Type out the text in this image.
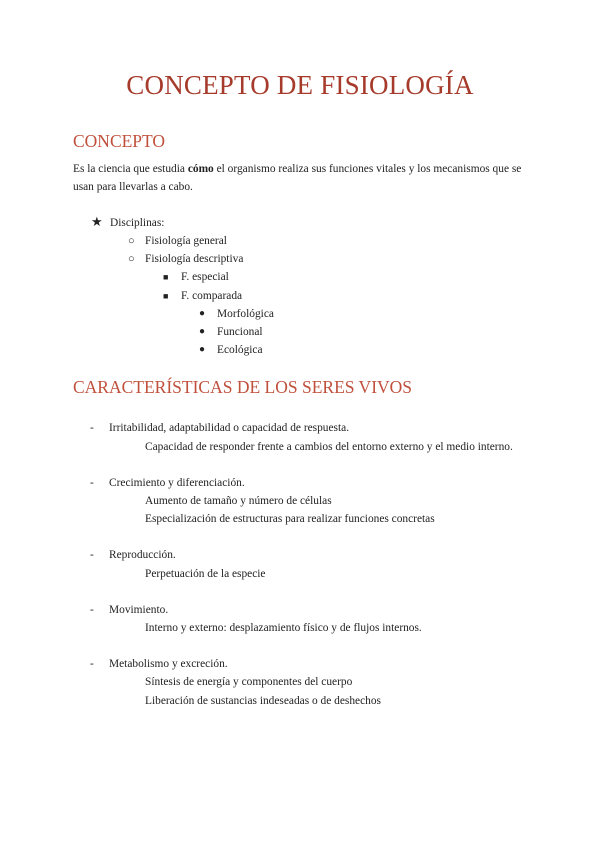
CONCEPTO DE FISIOLOGÍA
CONCEPTO
Es la ciencia que estudia cómo el organismo realiza sus funciones vitales y los mecanismos que se usan para llevarlas a cabo.
★ Disciplinas:
○ Fisiología general
○ Fisiología descriptiva
■ F. especial
■ F. comparada
● Morfológica
● Funcional
● Ecológica
CARACTERÍSTICAS DE LOS SERES VIVOS
- Irritabilidad, adaptabilidad o capacidad de respuesta.
Capacidad de responder frente a cambios del entorno externo y el medio interno.
- Crecimiento y diferenciación.
Aumento de tamaño y número de células
Especialización de estructuras para realizar funciones concretas
- Reproducción.
Perpetuación de la especie
- Movimiento.
Interno y externo: desplazamiento físico y de flujos internos.
- Metabolismo y excreción.
Síntesis de energía y componentes del cuerpo
Liberación de sustancias indeseadas o de deshechos
